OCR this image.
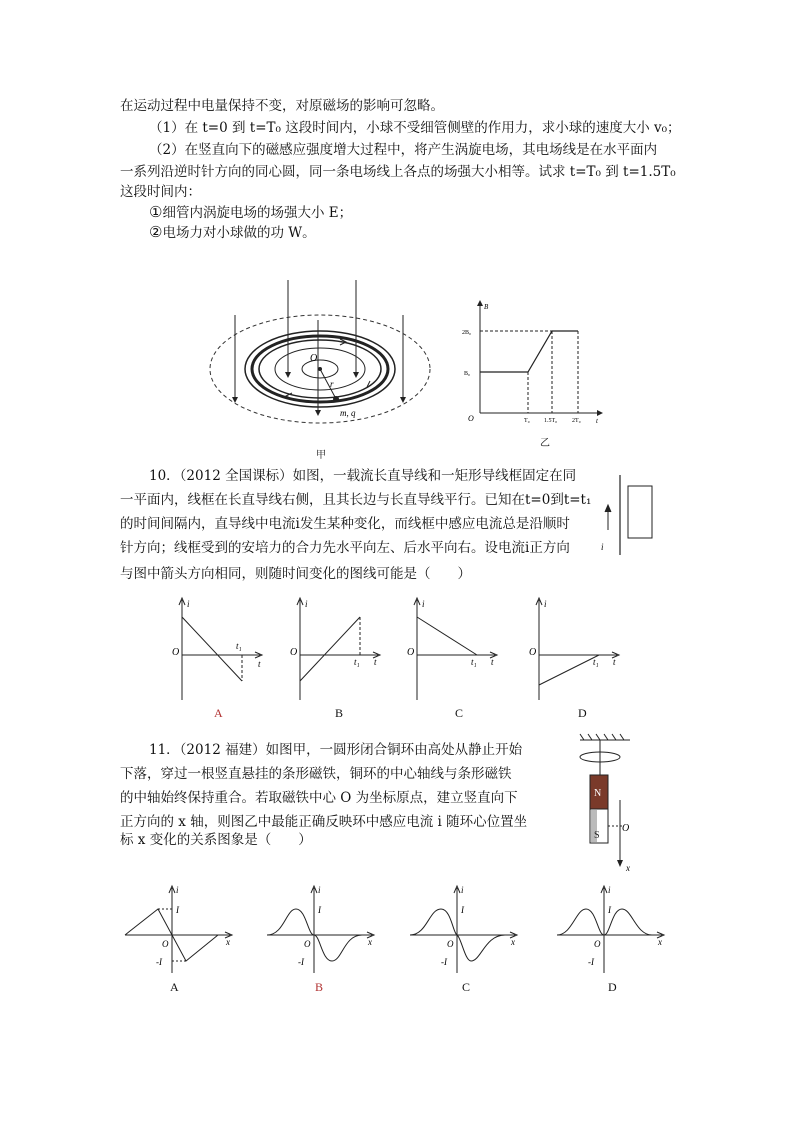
在运动过程中电量保持不变，对原磁场的影响可忽略。
（1）在 t=0 到 t=T₀ 这段时间内，小球不受细管侧壁的作用力，求小球的速度大小 v₀；
（2）在竖直向下的磁感应强度增大过程中，将产生涡旋电场，其电场线是在水平面内
一系列沿逆时针方向的同心圆，同一条电场线上各点的场强大小相等。试求 t=T₀ 到 t=1.5T₀
这段时间内：
①细管内涡旋电场的场强大小 E；
②电场力对小球做的功 W。
O
r
m, q
甲
B
t
O
2B₀
B₀
T₀ 1.5T₀ 2T₀
乙
10．（2012 全国课标）如图，一载流长直导线和一矩形导线框固定在同
一平面内，线框在长直导线右侧，且其长边与长直导线平行。已知在t=0到t=t₁
的时间间隔内，直导线中电流i发生某种变化，而线框中感应电流总是沿顺时
针方向；线框受到的安培力的合力先水平向左、后水平向右。设电流i正方向
与图中箭头方向相同，则随时间变化的图线可能是（　　）
i
i
O
t₁
t
i
O
t₁ t
i
O
t₁ t
i
O
t₁ t
A	B	C	D
11．（2012 福建）如图甲，一圆形闭合铜环由高处从静止开始
下落，穿过一根竖直悬挂的条形磁铁，铜环的中心轴线与条形磁铁
的中轴始终保持重合。若取磁铁中心 O 为坐标原点，建立竖直向下
正方向的 x 轴，则图乙中最能正确反映环中感应电流 i 随环心位置坐
标 x 变化的关系图象是（　　）
N
S
O
x
i
I
O
-I
x
i
I
O
-I
x
i
I
O
-I
x
i
I
O
-I
x
A	B	C	D
